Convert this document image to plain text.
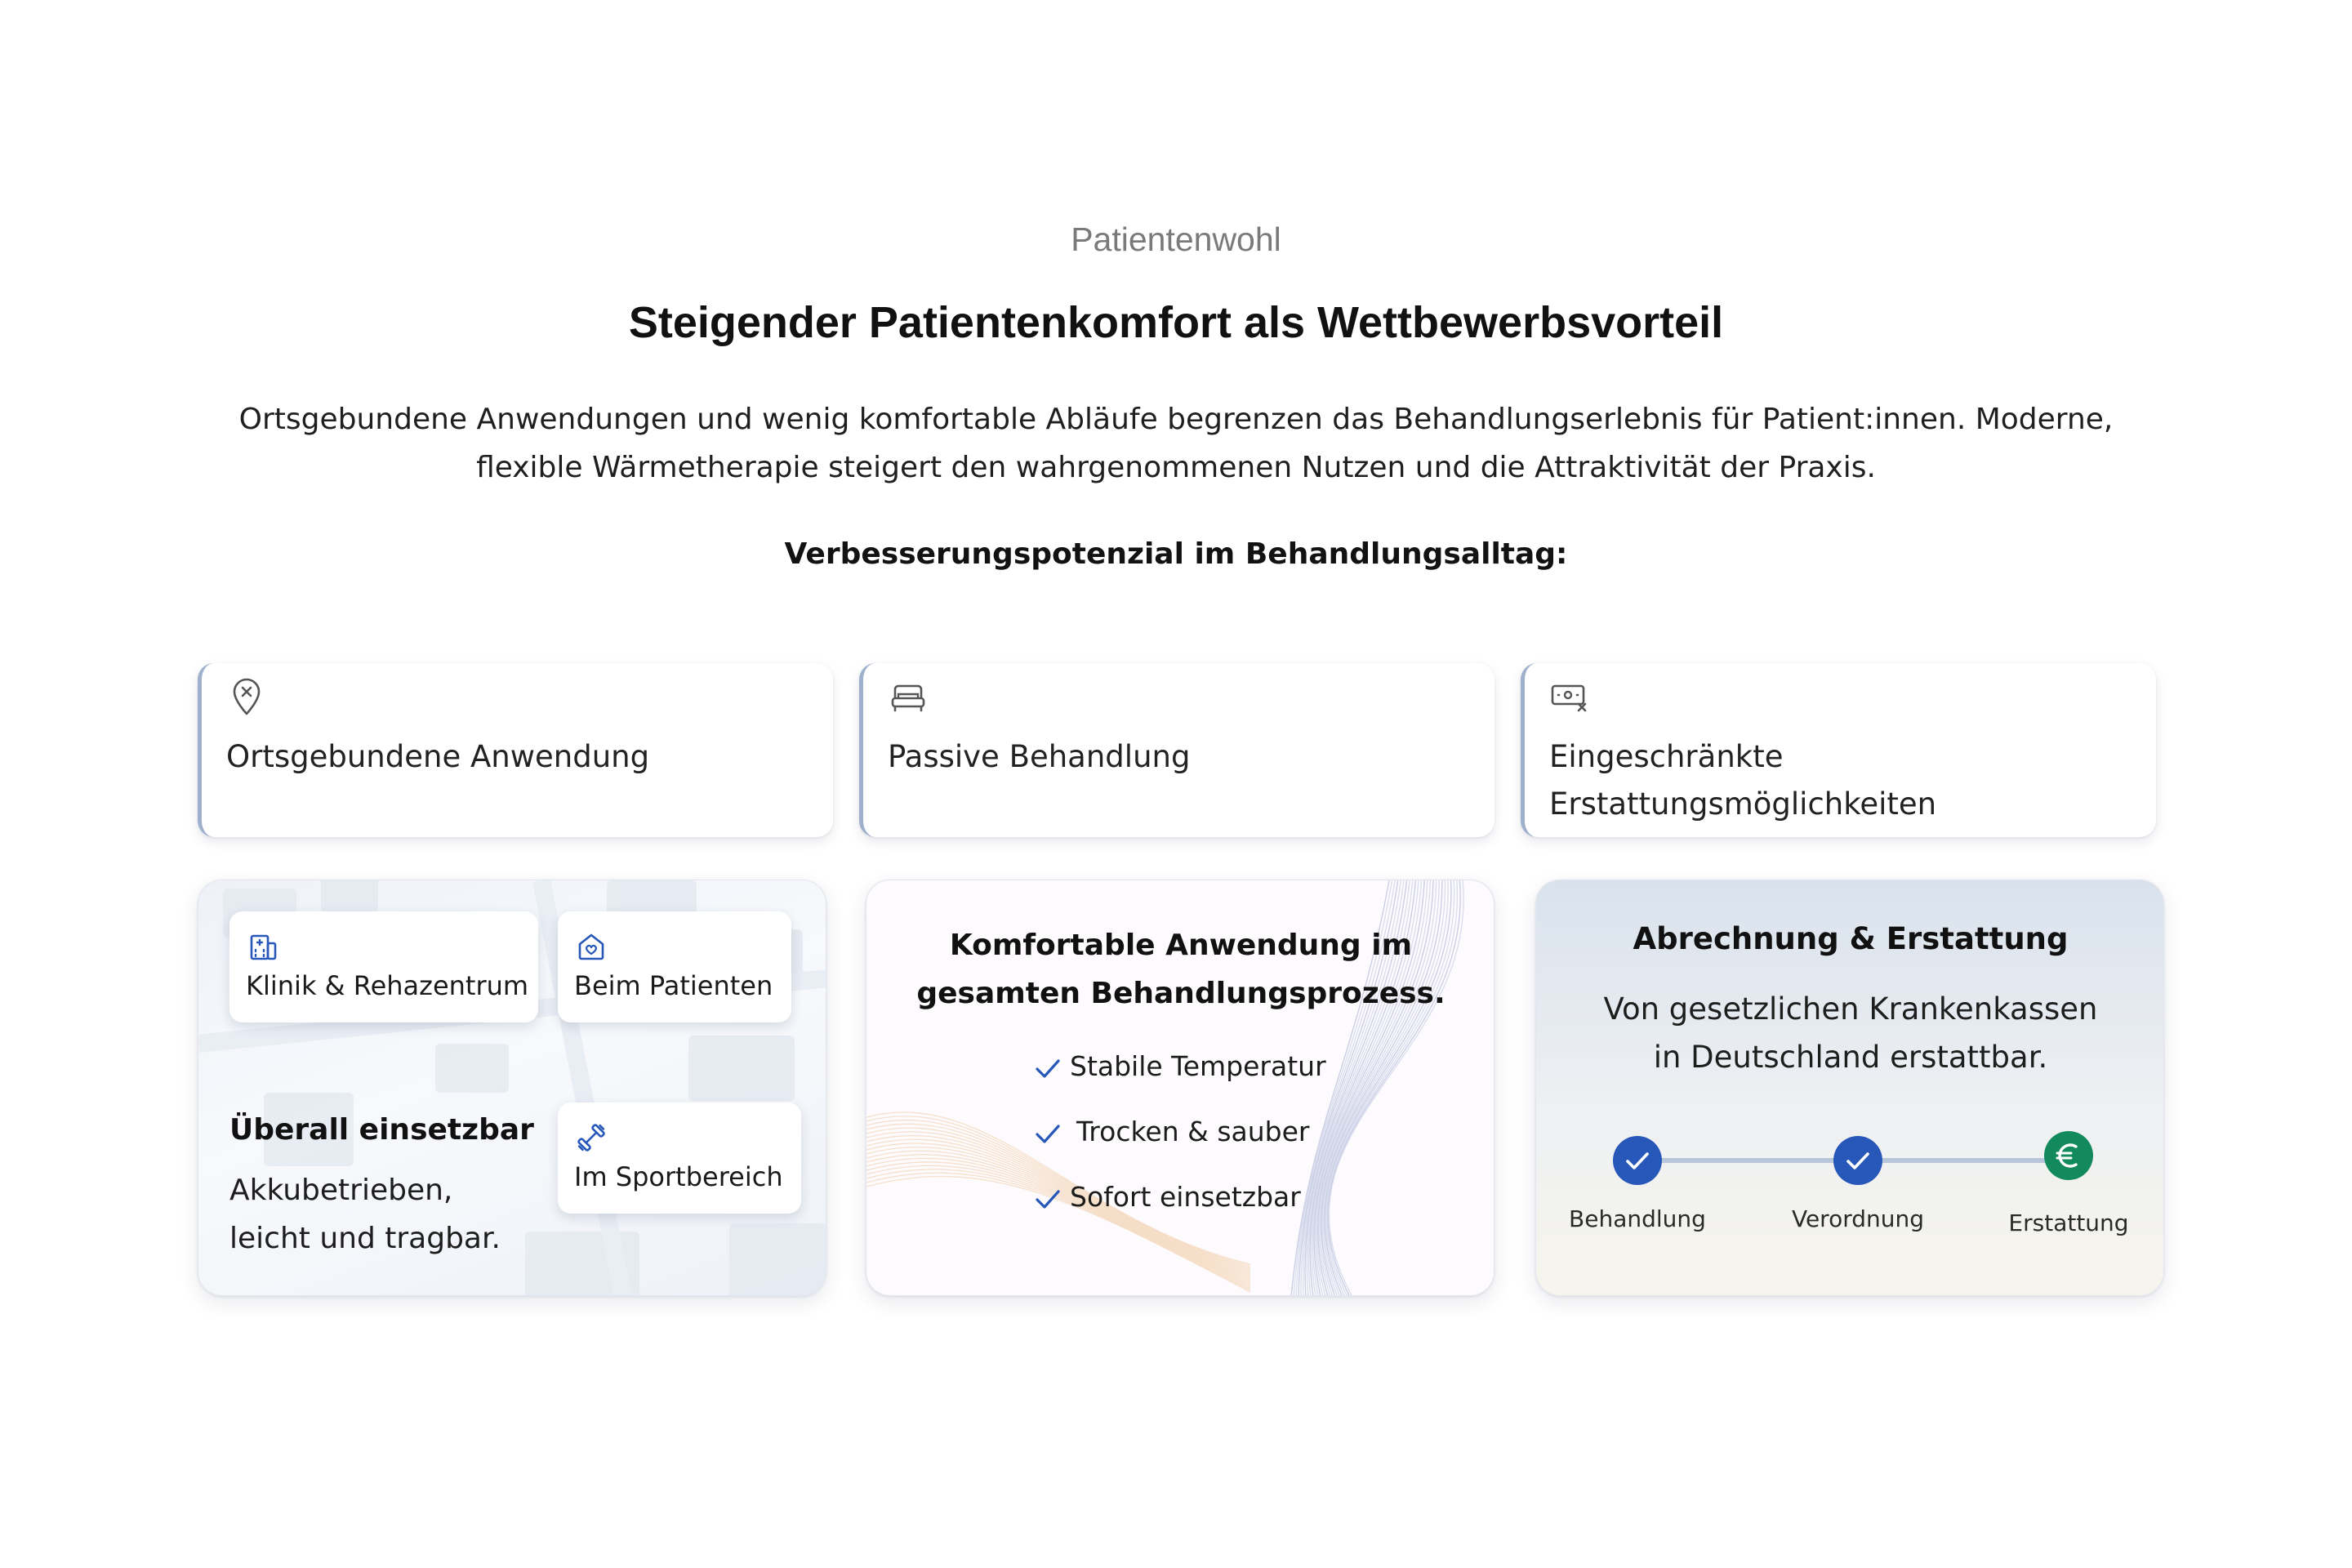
Patientenwohl
Steigender Patientenkomfort als Wettbewerbsvorteil
Ortsgebundene Anwendungen und wenig komfortable Abläufe begrenzen das Behandlungserlebnis für Patient:innen. Moderne,
flexible Wärmetherapie steigert den wahrgenommenen Nutzen und die Attraktivität der Praxis.
Verbesserungspotenzial im Behandlungsalltag:
Ortsgebundene Anwendung	Passive Behandlung	Eingeschränkte
Erstattungsmöglichkeiten
Klinik & Rehazentrum Beim Patienten
Im Sportbereich
Überall einsetzbar
Akkubetrieben,
leicht und tragbar.
Komfortable Anwendung im
gesamten Behandlungsprozess.
Stabile Temperatur
Trocken & sauber
Sofort einsetzbar
Abrechnung & Erstattung
Von gesetzlichen Krankenkassen
in Deutschland erstattbar.
Behandlung	Verordnung	Erstattung
